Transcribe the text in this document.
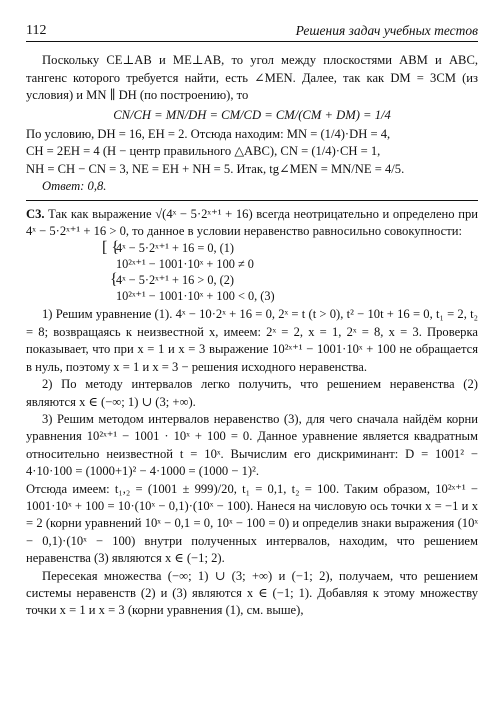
112	Решения задач учебных тестов

Поскольку CE⊥AB и ME⊥AB, то угол между плоскостями ABM и ABC, тангенс которого требуется найти, есть ∠MEN. Далее, так как DM = 3CM (из условия) и MN ∥ DH (по построению), то

CN/CH = MN/DH = CM/CD = CM/(CM + DM) = 1/4

По условию, DH = 16, EH = 2. Отсюда находим: MN = (1/4)·DH = 4,

CH = 2EH = 4 (H − центр правильного △ABC), CN = (1/4)·CH = 1,

NH = CH − CN = 3, NE = EH + NH = 5. Итак, tg∠MEN = MN/NE = 4/5.

Ответ: 0,8.

C3. Так как выражение √(4ˣ − 5·2ˣ⁺¹ + 16) всегда неотрицательно и определено при 4ˣ − 5·2ˣ⁺¹ + 16 > 0, то данное в условии неравенство равносильно совокупности:

[ {4ˣ − 5·2ˣ⁺¹ + 16 = 0, (1)
10²ˣ⁺¹ − 1001·10ˣ + 100 ≠ 0
{4ˣ − 5·2ˣ⁺¹ + 16 > 0, (2)
10²ˣ⁺¹ − 1001·10ˣ + 100 < 0, (3)

1) Решим уравнение (1). 4ˣ − 10·2ˣ + 16 = 0, 2ˣ = t (t > 0), t² − 10t + 16 = 0, t₁ = 2, t₂ = 8; возвращаясь к неизвестной x, имеем: 2ˣ = 2, x = 1, 2ˣ = 8, x = 3. Проверка показывает, что при x = 1 и x = 3 выражение 10²ˣ⁺¹ − 1001·10ˣ + 100 не обращается в нуль, поэтому x = 1 и x = 3 − решения исходного неравенства.

2) По методу интервалов легко получить, что решением неравенства (2) являются x ∈ (−∞; 1) ∪ (3; +∞).

3) Решим методом интервалов неравенство (3), для чего сначала найдём корни уравнения 10²ˣ⁺¹ − 1001 · 10ˣ + 100 = 0. Данное уравнение является квадратным относительно неизвестной t = 10ˣ. Вычислим его дискриминант: D = 1001² − 4·10·100 = (1000+1)² − 4·1000 = (1000 − 1)².

Отсюда имеем: t₁,₂ = (1001 ± 999)/20, t₁ = 0,1, t₂ = 100. Таким образом, 10²ˣ⁺¹ − 1001·10ˣ + 100 = 10·(10ˣ − 0,1)·(10ˣ − 100). Нанеся на числовую ось точки x = −1 и x = 2 (корни уравнений 10ˣ − 0,1 = 0, 10ˣ − 100 = 0) и определив знаки выражения (10ˣ − 0,1)·(10ˣ − 100) внутри полученных интервалов, находим, что решением неравенства (3) являются x ∈ (−1; 2).

Пересекая множества (−∞; 1) ∪ (3; +∞) и (−1; 2), получаем, что решением системы неравенств (2) и (3) являются x ∈ (−1; 1). Добавляя к этому множеству точки x = 1 и x = 3 (корни уравнения (1), см. выше),
